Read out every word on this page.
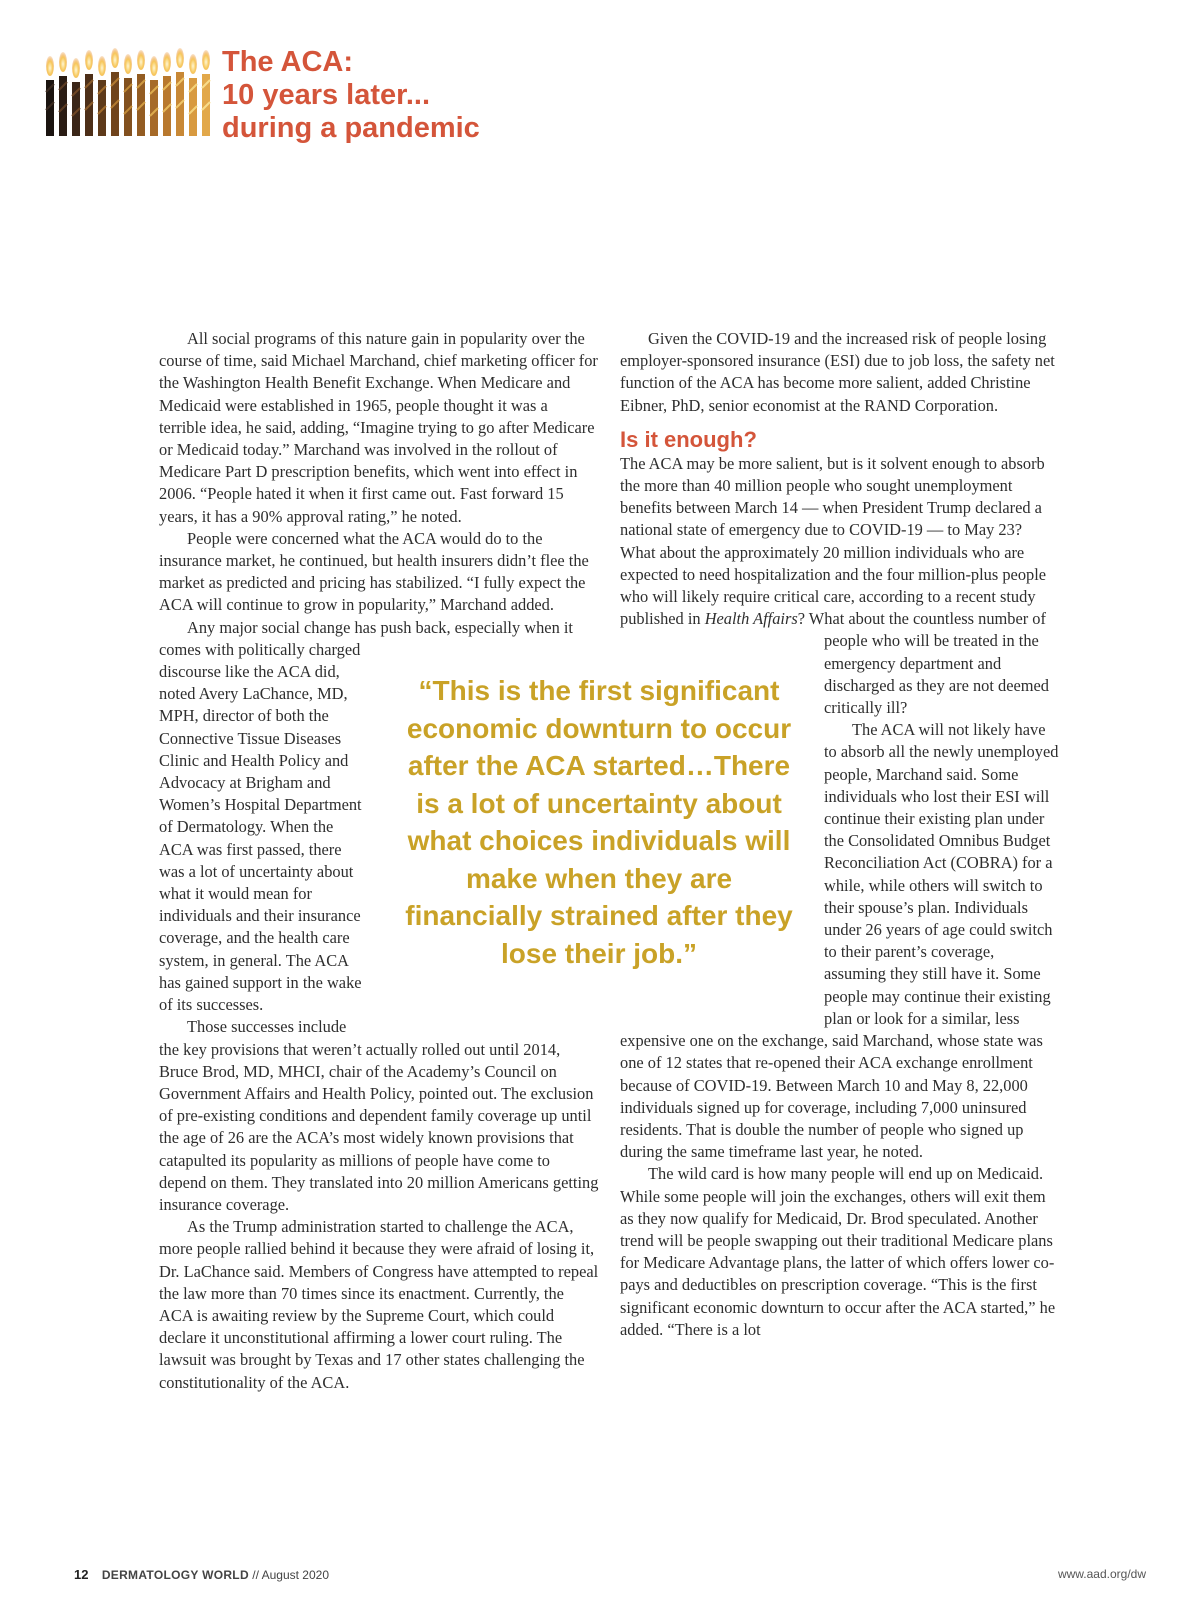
The ACA:
10 years later...
during a pandemic

All social programs of this nature gain in popularity over the course of time, said Michael Marchand, chief marketing officer for the Washington Health Benefit Exchange. When Medicare and Medicaid were established in 1965, people thought it was a terrible idea, he said, adding, “Imagine trying to go after Medicare or Medicaid today.” Marchand was involved in the rollout of Medicare Part D prescription benefits, which went into effect in 2006. “People hated it when it first came out. Fast forward 15 years, it has a 90% approval rating,” he noted.

People were concerned what the ACA would do to the insurance market, he continued, but health insurers didn’t flee the market as predicted and pricing has stabilized. “I fully expect the ACA will continue to grow in popularity,” Marchand added.

Any major social change has push back, especially when it comes with politically charged discourse like the ACA did, noted Avery LaChance, MD, MPH, director of both the Connective Tissue Diseases Clinic and Health Policy and Advocacy at Brigham and Women’s Hospital Department of Dermatology. When the ACA was first passed, there was a lot of uncertainty about what it would mean for individuals and their insurance coverage, and the health care system, in general. The ACA has gained support in the wake of its successes.

Those successes include the key provisions that weren’t actually rolled out until 2014, Bruce Brod, MD, MHCI, chair of the Academy’s Council on Government Affairs and Health Policy, pointed out. The exclusion of pre-existing conditions and dependent family coverage up until the age of 26 are the ACA’s most widely known provisions that catapulted its popularity as millions of people have come to depend on them. They translated into 20 million Americans getting insurance coverage.

As the Trump administration started to challenge the ACA, more people rallied behind it because they were afraid of losing it, Dr. LaChance said. Members of Congress have attempted to repeal the law more than 70 times since its enactment. Currently, the ACA is awaiting review by the Supreme Court, which could declare it unconstitutional affirming a lower court ruling. The lawsuit was brought by Texas and 17 other states challenging the constitutionality of the ACA.

Given the COVID-19 and the increased risk of people losing employer-sponsored insurance (ESI) due to job loss, the safety net function of the ACA has become more salient, added Christine Eibner, PhD, senior economist at the RAND Corporation.

Is it enough?

The ACA may be more salient, but is it solvent enough to absorb the more than 40 million people who sought unemployment benefits between March 14 — when President Trump declared a national state of emergency due to COVID-19 — to May 23? What about the approximately 20 million individuals who are expected to need hospitalization and the four million-plus people who will likely require critical care, according to a recent study published in Health Affairs? What about the countless number of people who will be treated in the emergency department and discharged as they are not deemed critically ill?

The ACA will not likely have to absorb all the newly unemployed people, Marchand said. Some individuals who lost their ESI will continue their existing plan under the Consolidated Omnibus Budget Reconciliation Act (COBRA) for a while, while others will switch to their spouse’s plan. Individuals under 26 years of age could switch to their parent’s coverage, assuming they still have it. Some people may continue their existing plan or look for a similar, less expensive one on the exchange, said Marchand, whose state was one of 12 states that re-opened their ACA exchange enrollment because of COVID-19. Between March 10 and May 8, 22,000 individuals signed up for coverage, including 7,000 uninsured residents. That is double the number of people who signed up during the same timeframe last year, he noted.

The wild card is how many people will end up on Medicaid. While some people will join the exchanges, others will exit them as they now qualify for Medicaid, Dr. Brod speculated. Another trend will be people swapping out their traditional Medicare plans for Medicare Advantage plans, the latter of which offers lower co-pays and deductibles on prescription coverage. “This is the first significant economic downturn to occur after the ACA started,” he added. “There is a lot

“This is the first significant economic downturn to occur after the ACA started…There is a lot of uncertainty about what choices individuals will make when they are financially strained after they lose their job.”
12 DERMATOLOGY WORLD // August 2020	www.aad.org/dw
